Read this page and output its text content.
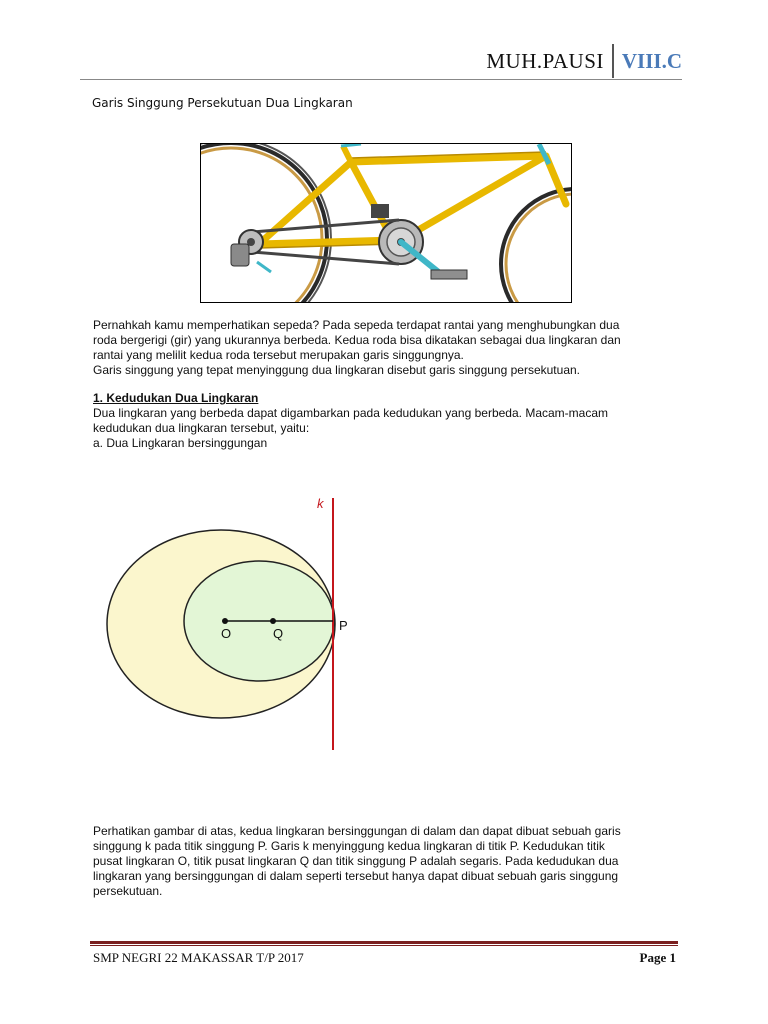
MUH.PAUSI VIII.C
Garis Singgung Persekutuan Dua Lingkaran

Pernahkah kamu memperhatikan sepeda? Pada sepeda terdapat rantai yang menghubungkan dua

roda bergerigi (gir) yang ukurannya berbeda. Kedua roda bisa dikatakan sebagai dua lingkaran dan

rantai yang melilit kedua roda tersebut merupakan garis singgungnya.

Garis singgung yang tepat menyinggung dua lingkaran disebut garis singgung persekutuan.

1. Kedudukan Dua Lingkaran

Dua lingkaran yang berbeda dapat digambarkan pada kedudukan yang berbeda. Macam-macam

kedudukan dua lingkaran tersebut, yaitu:

a. Dua Lingkaran bersinggungan

k
O	Q
P

Perhatikan gambar di atas, kedua lingkaran bersinggungan di dalam dan dapat dibuat sebuah garis

singgung k pada titik singgung P. Garis k menyinggung kedua lingkaran di titik P. Kedudukan titik

pusat lingkaran O, titik pusat lingkaran Q dan titik singgung P adalah segaris. Pada kedudukan dua

lingkaran yang bersinggungan di dalam seperti tersebut hanya dapat dibuat sebuah garis singgung

persekutuan.

SMP NEGRI 22 MAKASSAR T/P 2017	Page 1
